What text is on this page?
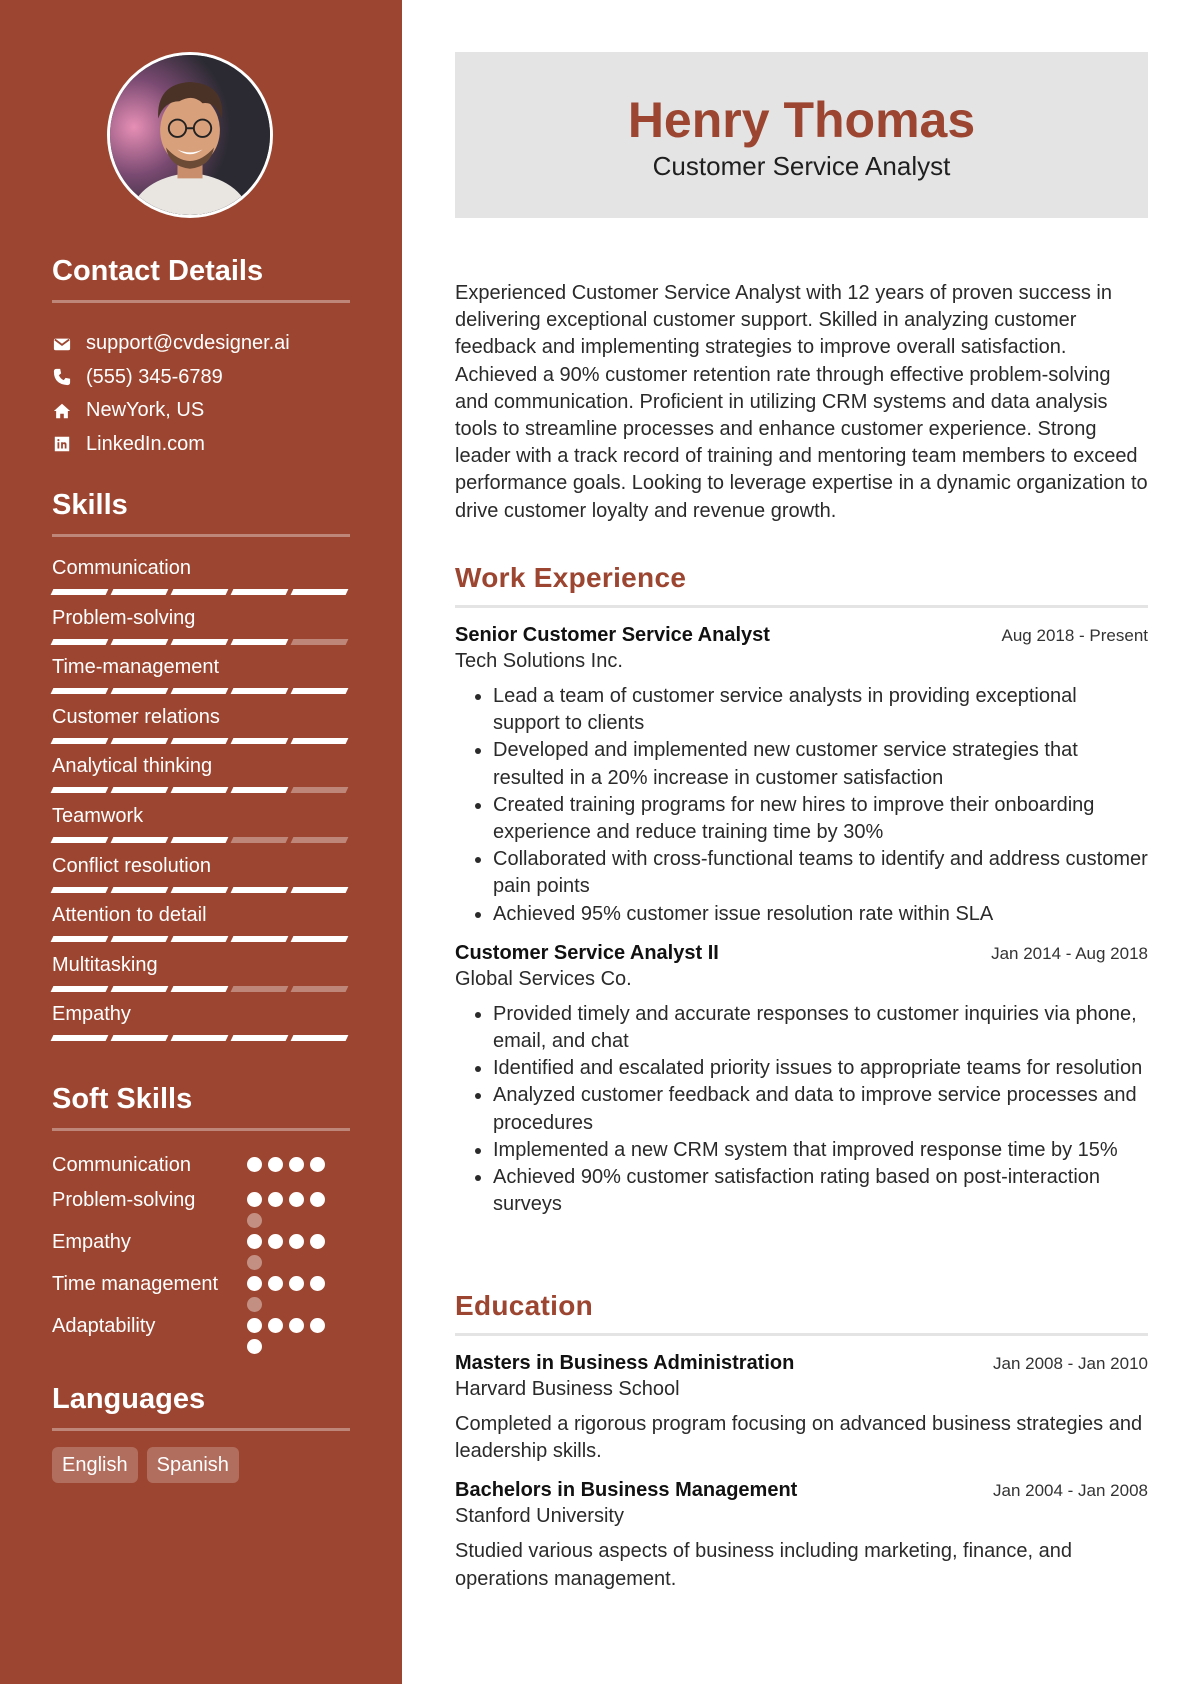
Contact Details
support@cvdesigner.ai
(555) 345-6789
NewYork, US
LinkedIn.com
Skills
Communication
Problem-solving
Time-management
Customer relations
Analytical thinking
Teamwork
Conflict resolution
Attention to detail
Multitasking
Empathy
Soft Skills
Communication
Problem-solving
Empathy
Time management
Adaptability
Languages
English	Spanish
Henry Thomas
Customer Service Analyst

Experienced Customer Service Analyst with 12 years of proven success in delivering exceptional customer support. Skilled in analyzing customer feedback and implementing strategies to improve overall satisfaction. Achieved a 90% customer retention rate through effective problem-solving and communication. Proficient in utilizing CRM systems and data analysis tools to streamline processes and enhance customer experience. Strong leader with a track record of training and mentoring team members to exceed performance goals. Looking to leverage expertise in a dynamic organization to drive customer loyalty and revenue growth.

Work Experience
Senior Customer Service Analyst	Aug 2018 - Present
Tech Solutions Inc.
• Lead a team of customer service analysts in providing exceptional support to clients
• Developed and implemented new customer service strategies that resulted in a 20% increase in customer satisfaction
• Created training programs for new hires to improve their onboarding experience and reduce training time by 30%
• Collaborated with cross-functional teams to identify and address customer pain points
• Achieved 95% customer issue resolution rate within SLA
Customer Service Analyst II	Jan 2014 - Aug 2018
Global Services Co.
• Provided timely and accurate responses to customer inquiries via phone, email, and chat
• Identified and escalated priority issues to appropriate teams for resolution
• Analyzed customer feedback and data to improve service processes and procedures
• Implemented a new CRM system that improved response time by 15%
• Achieved 90% customer satisfaction rating based on post-interaction surveys
Education
Masters in Business Administration	Jan 2008 - Jan 2010
Harvard Business School

Completed a rigorous program focusing on advanced business strategies and leadership skills.

Bachelors in Business Management	Jan 2004 - Jan 2008
Stanford University

Studied various aspects of business including marketing, finance, and operations management.
